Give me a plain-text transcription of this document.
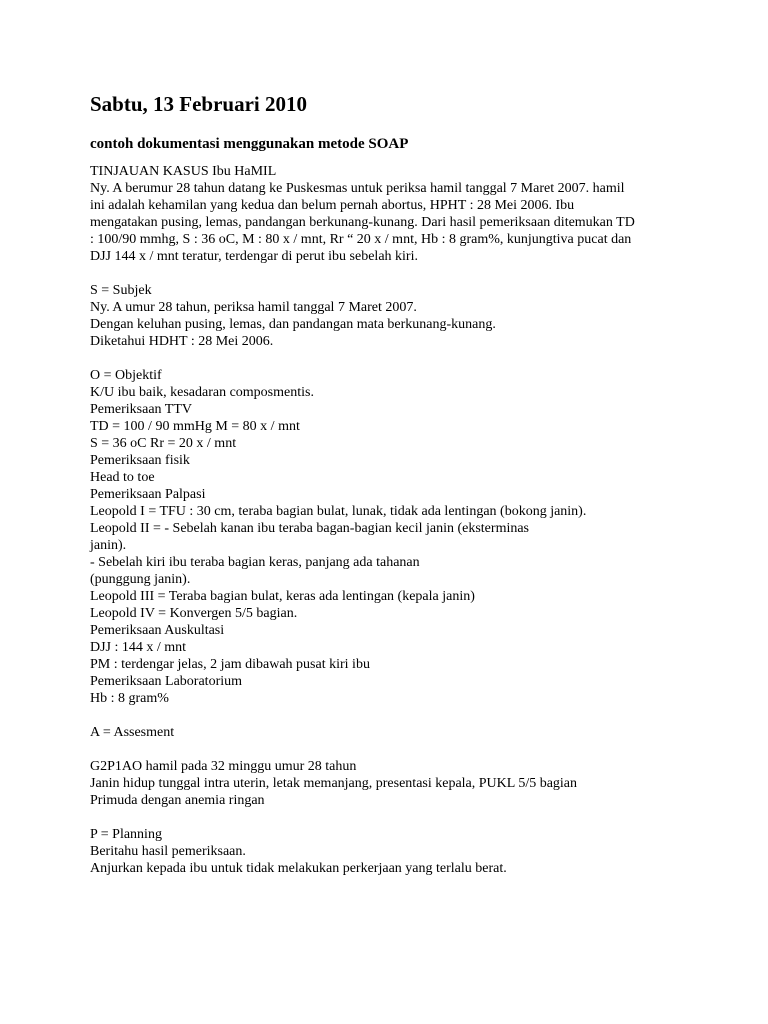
Sabtu, 13 Februari 2010
contoh dokumentasi menggunakan metode SOAP
TINJAUAN KASUS Ibu HaMIL
Ny. A berumur 28 tahun datang ke Puskesmas untuk periksa hamil tanggal 7 Maret 2007. hamil
ini adalah kehamilan yang kedua dan belum pernah abortus, HPHT : 28 Mei 2006. Ibu
mengatakan pusing, lemas, pandangan berkunang-kunang. Dari hasil pemeriksaan ditemukan TD
: 100/90 mmhg, S : 36 oC, M : 80 x / mnt, Rr “ 20 x / mnt, Hb : 8 gram%, kunjungtiva pucat dan
DJJ 144 x / mnt teratur, terdengar di perut ibu sebelah kiri.
S = Subjek
Ny. A umur 28 tahun, periksa hamil tanggal 7 Maret 2007.
Dengan keluhan pusing, lemas, dan pandangan mata berkunang-kunang.
Diketahui HDHT : 28 Mei 2006.
O = Objektif
K/U ibu baik, kesadaran composmentis.
Pemeriksaan TTV
TD = 100 / 90 mmHg M = 80 x / mnt
S = 36 oC Rr = 20 x / mnt
Pemeriksaan fisik
Head to toe
Pemeriksaan Palpasi
Leopold I = TFU : 30 cm, teraba bagian bulat, lunak, tidak ada lentingan (bokong janin).
Leopold II = - Sebelah kanan ibu teraba bagan-bagian kecil janin (eksterminas
janin).
- Sebelah kiri ibu teraba bagian keras, panjang ada tahanan
(punggung janin).
Leopold III = Teraba bagian bulat, keras ada lentingan (kepala janin)
Leopold IV = Konvergen 5/5 bagian.
Pemeriksaan Auskultasi
DJJ : 144 x / mnt
PM : terdengar jelas, 2 jam dibawah pusat kiri ibu
Pemeriksaan Laboratorium
Hb : 8 gram%
A = Assesment
G2P1AO hamil pada 32 minggu umur 28 tahun
Janin hidup tunggal intra uterin, letak memanjang, presentasi kepala, PUKL 5/5 bagian
Primuda dengan anemia ringan
P = Planning
Beritahu hasil pemeriksaan.
Anjurkan kepada ibu untuk tidak melakukan perkerjaan yang terlalu berat.
